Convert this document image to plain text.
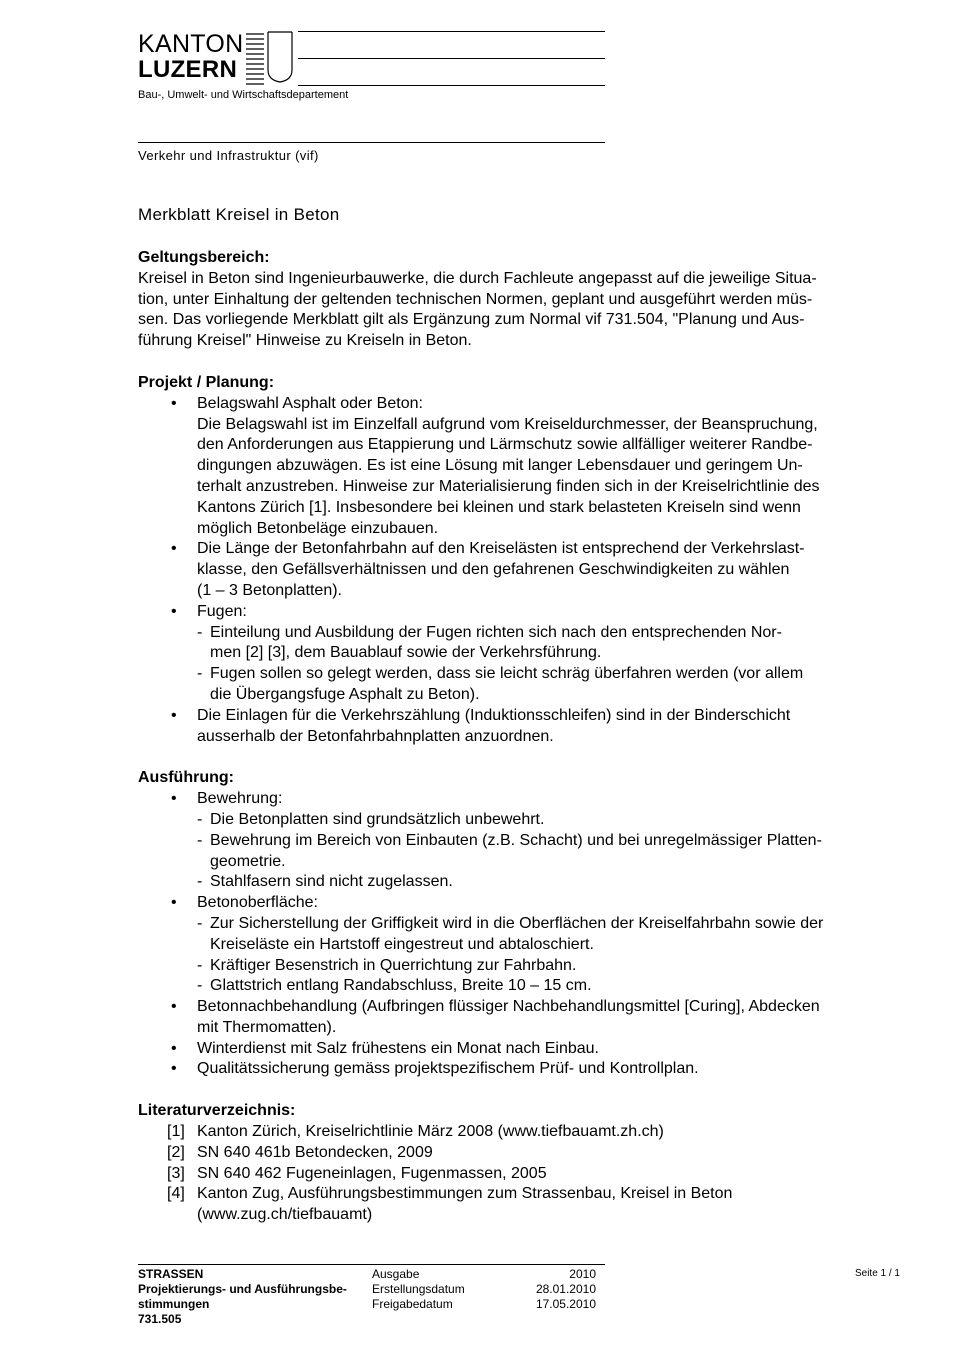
KANTON
LUZERN
Bau-, Umwelt- und Wirtschaftsdepartement
Verkehr und Infrastruktur (vif)
Merkblatt Kreisel in Beton

Geltungsbereich:

Kreisel in Beton sind Ingenieurbauwerke, die durch Fachleute angepasst auf die jeweilige Situa-

tion, unter Einhaltung der geltenden technischen Normen, geplant und ausgeführt werden müs-

sen. Das vorliegende Merkblatt gilt als Ergänzung zum Normal vif 731.504, "Planung und Aus-

führung Kreisel" Hinweise zu Kreiseln in Beton.

Projekt / Planung:

• Belagswahl Asphalt oder Beton:

Die Belagswahl ist im Einzelfall aufgrund vom Kreiseldurchmesser, der Beanspruchung,

den Anforderungen aus Etappierung und Lärmschutz sowie allfälliger weiterer Randbe-

dingungen abzuwägen. Es ist eine Lösung mit langer Lebensdauer und geringem Un-

terhalt anzustreben. Hinweise zur Materialisierung finden sich in der Kreiselrichtlinie des

Kantons Zürich [1]. Insbesondere bei kleinen und stark belasteten Kreiseln sind wenn

möglich Betonbeläge einzubauen.

• Die Länge der Betonfahrbahn auf den Kreiselästen ist entsprechend der Verkehrslast-

klasse, den Gefällsverhältnissen und den gefahrenen Geschwindigkeiten zu wählen

(1 – 3 Betonplatten).

• Fugen:

- Einteilung und Ausbildung der Fugen richten sich nach den entsprechenden Nor-

men [2] [3], dem Bauablauf sowie der Verkehrsführung.

- Fugen sollen so gelegt werden, dass sie leicht schräg überfahren werden (vor allem

die Übergangsfuge Asphalt zu Beton).

• Die Einlagen für die Verkehrszählung (Induktionsschleifen) sind in der Binderschicht

ausserhalb der Betonfahrbahnplatten anzuordnen.

Ausführung:

• Bewehrung:

- Die Betonplatten sind grundsätzlich unbewehrt.

- Bewehrung im Bereich von Einbauten (z.B. Schacht) und bei unregelmässiger Platten-

geometrie.

- Stahlfasern sind nicht zugelassen.

• Betonoberfläche:

- Zur Sicherstellung der Griffigkeit wird in die Oberflächen der Kreiselfahrbahn sowie der

Kreiseläste ein Hartstoff eingestreut und abtaloschiert.

- Kräftiger Besenstrich in Querrichtung zur Fahrbahn.

- Glattstrich entlang Randabschluss, Breite 10 – 15 cm.

• Betonnachbehandlung (Aufbringen flüssiger Nachbehandlungsmittel [Curing], Abdecken

mit Thermomatten).

• Winterdienst mit Salz frühestens ein Monat nach Einbau.

• Qualitätssicherung gemäss projektspezifischem Prüf- und Kontrollplan.

Literaturverzeichnis:

[1] Kanton Zürich, Kreiselrichtlinie März 2008 (www.tiefbauamt.zh.ch)

[2] SN 640 461b Betondecken, 2009

[3] SN 640 462 Fugeneinlagen, Fugenmassen, 2005

[4] Kanton Zug, Ausführungsbestimmungen zum Strassenbau, Kreisel in Beton

(www.zug.ch/tiefbauamt)

STRASSEN
Projektierungs- und Ausführungsbe-
stimmungen
731.505
Ausgabe
Erstellungsdatum
Freigabedatum
2010
28.01.2010
17.05.2010
Seite 1 / 1
